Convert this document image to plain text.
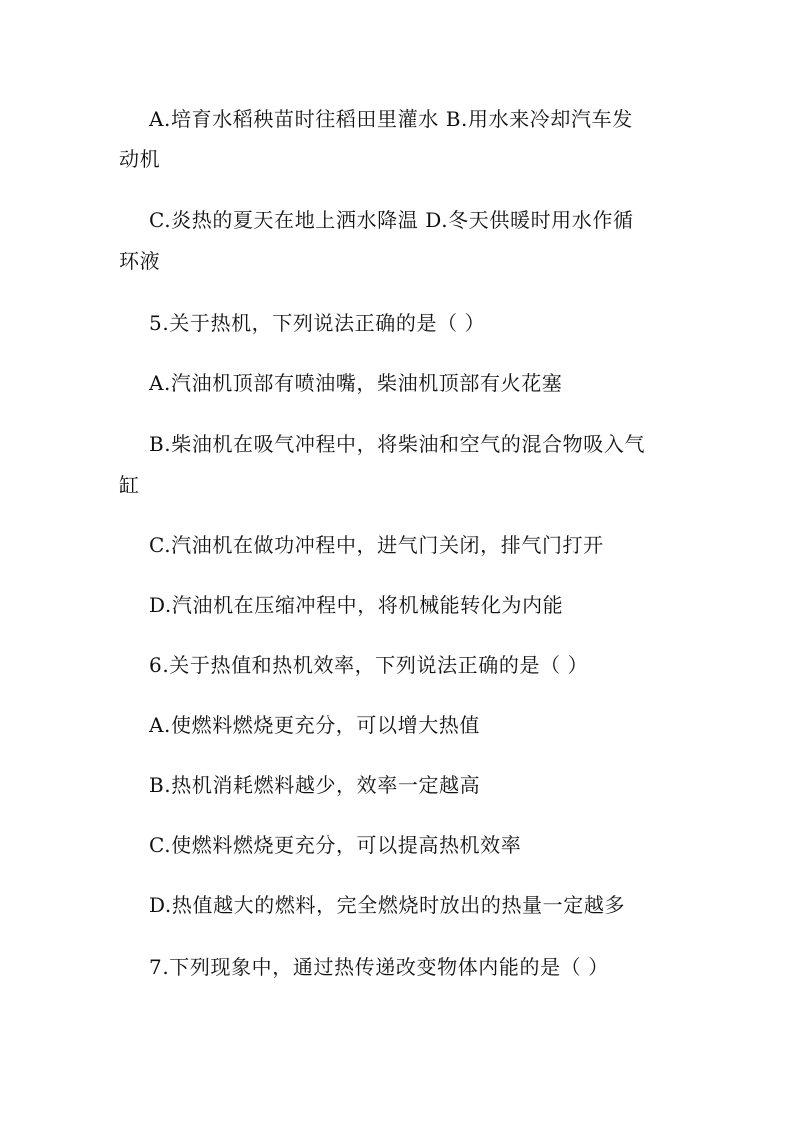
A.培育水稻秧苗时往稻田里灌水 B.用水来冷却汽车发
动机
C.炎热的夏天在地上洒水降温 D.冬天供暖时用水作循
环液
5.关于热机，下列说法正确的是（ ）
A.汽油机顶部有喷油嘴，柴油机顶部有火花塞
B.柴油机在吸气冲程中，将柴油和空气的混合物吸入气
缸
C.汽油机在做功冲程中，进气门关闭，排气门打开
D.汽油机在压缩冲程中，将机械能转化为内能
6.关于热值和热机效率，下列说法正确的是（ ）
A.使燃料燃烧更充分，可以增大热值
B.热机消耗燃料越少，效率一定越高
C.使燃料燃烧更充分，可以提高热机效率
D.热值越大的燃料，完全燃烧时放出的热量一定越多
7.下列现象中，通过热传递改变物体内能的是（ ）
